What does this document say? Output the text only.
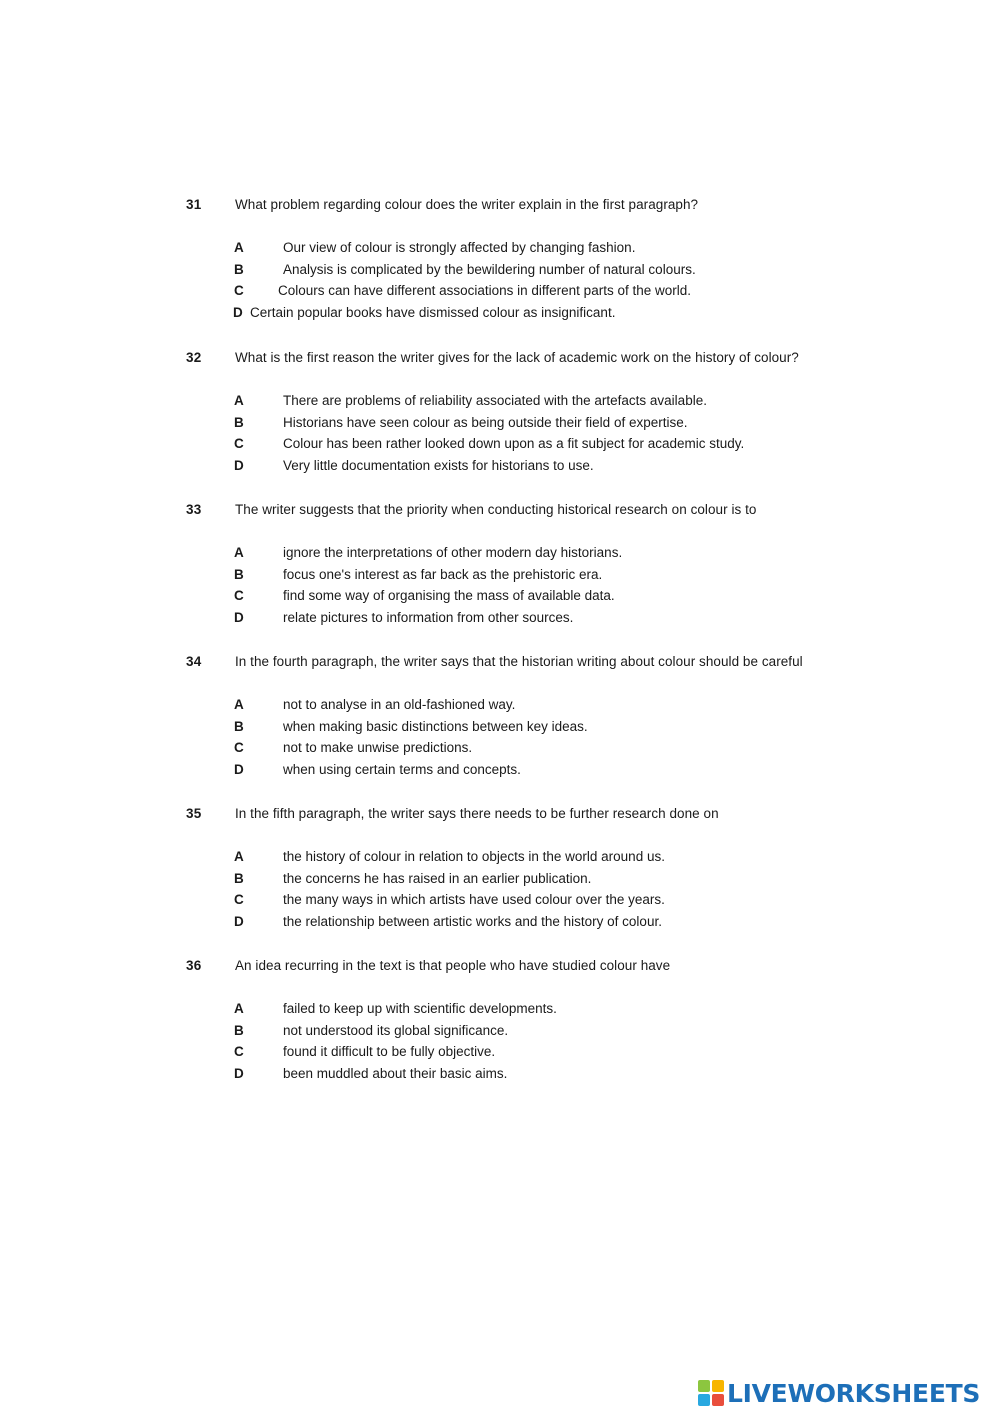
31 What problem regarding colour does the writer explain in the first paragraph?
A	Our view of colour is strongly affected by changing fashion.
B	Analysis is complicated by the bewildering number of natural colours.
C	Colours can have different associations in different parts of the world.
D Certain popular books have dismissed colour as insignificant.
32 What is the first reason the writer gives for the lack of academic work on the history of colour?
A	There are problems of reliability associated with the artefacts available.
B	Historians have seen colour as being outside their field of expertise.
C	Colour has been rather looked down upon as a fit subject for academic study.
D	Very little documentation exists for historians to use.
33 The writer suggests that the priority when conducting historical research on colour is to
A	ignore the interpretations of other modern day historians.
B	focus one's interest as far back as the prehistoric era.
C	find some way of organising the mass of available data.
D	relate pictures to information from other sources.
34 In the fourth paragraph, the writer says that the historian writing about colour should be careful
A	not to analyse in an old-fashioned way.
B	when making basic distinctions between key ideas.
C	not to make unwise predictions.
D	when using certain terms and concepts.
35 In the fifth paragraph, the writer says there needs to be further research done on
A	the history of colour in relation to objects in the world around us.
B	the concerns he has raised in an earlier publication.
C	the many ways in which artists have used colour over the years.
D	the relationship between artistic works and the history of colour.
36 An idea recurring in the text is that people who have studied colour have
A	failed to keep up with scientific developments.
B	not understood its global significance.
C	found it difficult to be fully objective.
D	been muddled about their basic aims.
LIVEWORKSHEETS
